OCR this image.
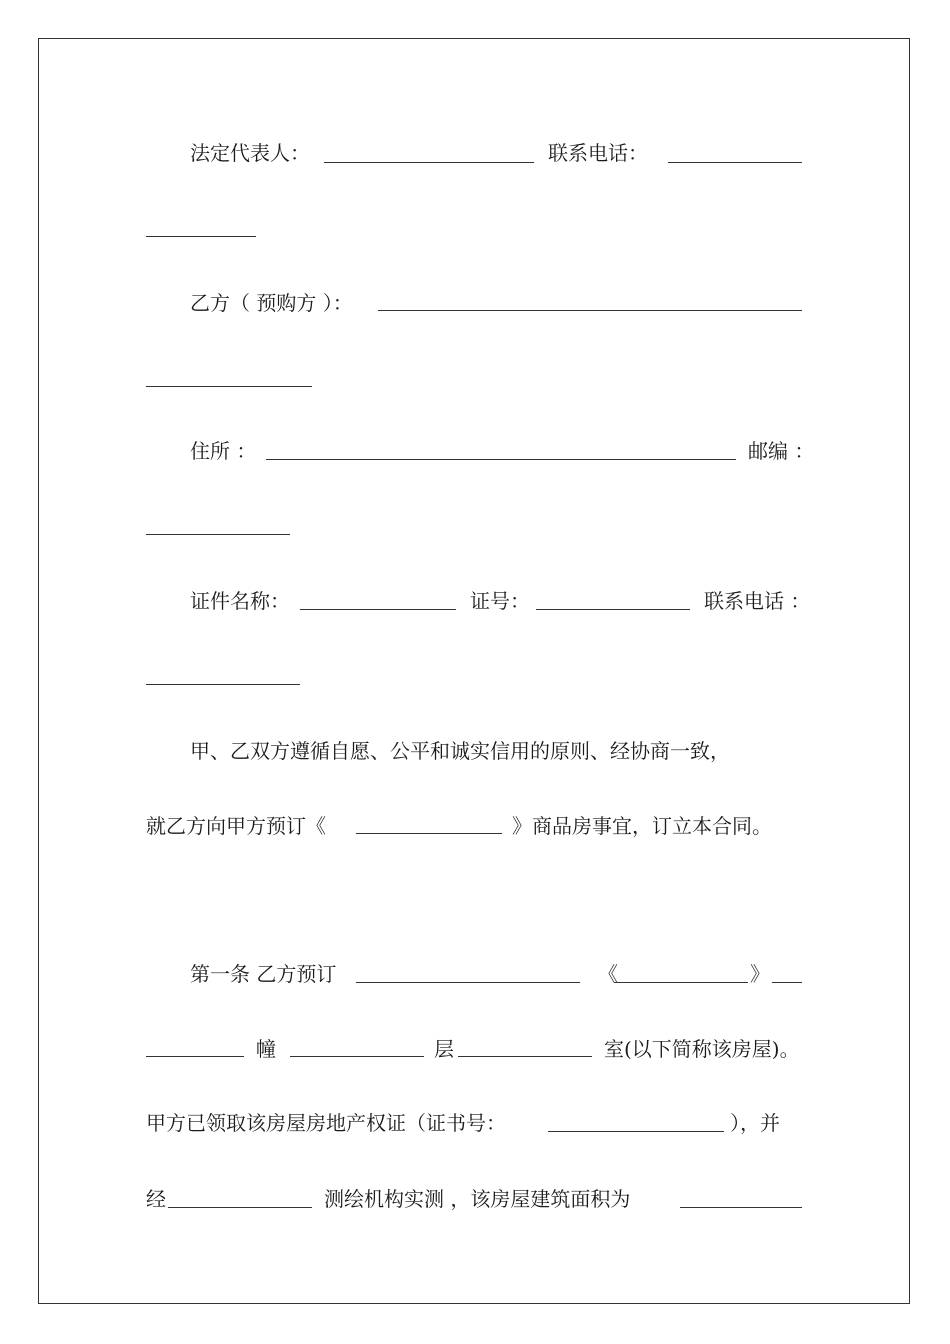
法定代表人：	联系电话：
乙方（ 预购方 ）：
住所 ：	邮编 ：
证件名称：	证号：	联系电话 ：
甲、乙双方遵循自愿、公平和诚实信用的原则、经协商一致，
就乙方向甲方预订《	》商品房事宜，订立本合同。
第一条 乙方预订	《	》
幢	层	室(以下简称该房屋)。
甲方已领取该房屋房地产权证（证书号：	），并
经	测绘机构实测 ，该房屋建筑面积为
